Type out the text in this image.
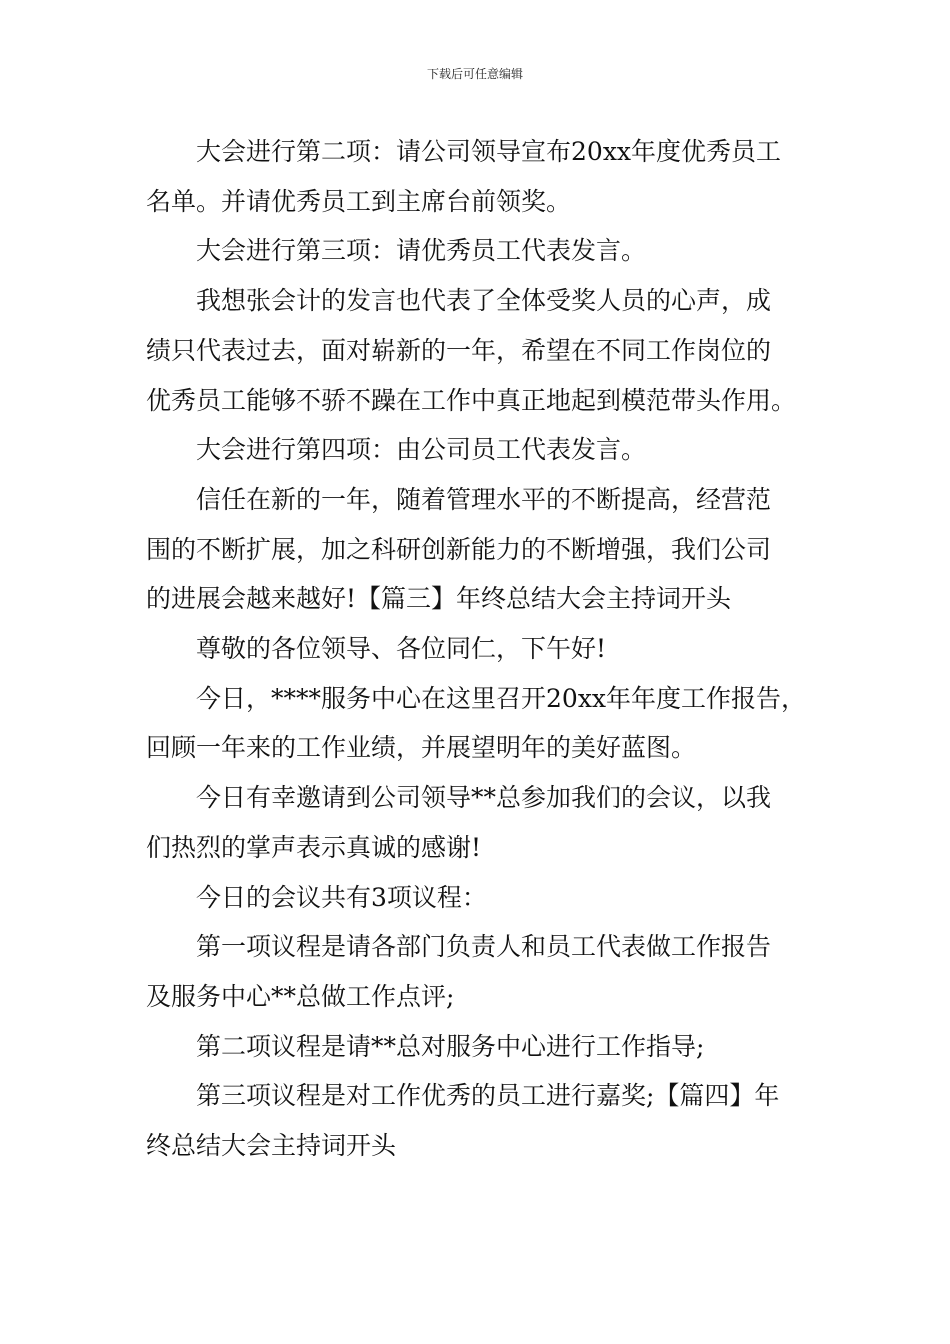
下载后可任意编辑

大会进行第二项：请公司领导宣布20xx年度优秀员工
名单。并请优秀员工到主席台前领奖。

大会进行第三项：请优秀员工代表发言。

我想张会计的发言也代表了全体受奖人员的心声，成
绩只代表过去，面对崭新的一年，希望在不同工作岗位的
优秀员工能够不骄不躁在工作中真正地起到模范带头作用。

大会进行第四项：由公司员工代表发言。

信任在新的一年，随着管理水平的不断提高，经营范
围的不断扩展，加之科研创新能力的不断增强，我们公司
的进展会越来越好!【篇三】年终总结大会主持词开头

尊敬的各位领导、各位同仁，下午好!

今日，****服务中心在这里召开20xx年年度工作报告，
回顾一年来的工作业绩，并展望明年的美好蓝图。

今日有幸邀请到公司领导**总参加我们的会议，以我
们热烈的掌声表示真诚的感谢!

今日的会议共有3项议程：

第一项议程是请各部门负责人和员工代表做工作报告
及服务中心**总做工作点评;

第二项议程是请**总对服务中心进行工作指导;

第三项议程是对工作优秀的员工进行嘉奖;【篇四】年
终总结大会主持词开头
